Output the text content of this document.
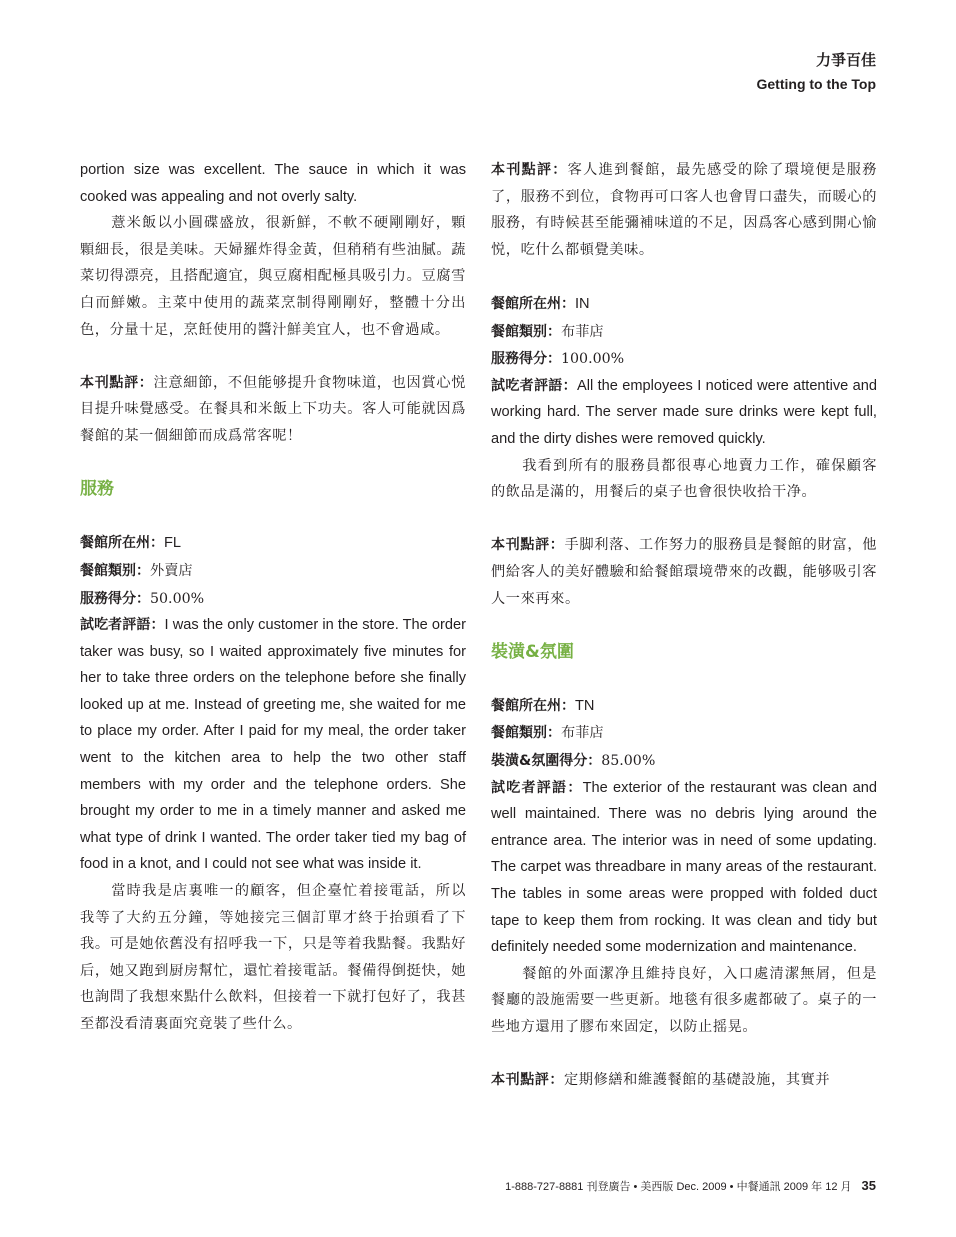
力爭百佳
Getting to the Top

portion size was excellent. The sauce in which it was cooked was appealing and not overly salty.

薏米飯以小圓碟盛放，很新鮮，不軟不硬剛剛好，顆顆細長，很是美味。天婦羅炸得金黃，但稍稍有些油膩。蔬菜切得漂亮，且搭配適宜，與豆腐相配極具吸引力。豆腐雪白而鮮嫩。主菜中使用的蔬菜烹制得剛剛好，整體十分出色，分量十足，烹飪使用的醬汁鮮美宜人，也不會過咸。

本刊點評：注意細節，不但能够提升食物味道，也因賞心悦目提升味覺感受。在餐具和米飯上下功夫。客人可能就因爲餐館的某一個細節而成爲常客呢！

服務

餐館所在州：FL

餐館類别：外賣店

服務得分：50.00%

試吃者評語：I was the only customer in the store. The order taker was busy, so I waited approximately five minutes for her to take three orders on the telephone before she finally looked up at me. Instead of greeting me, she waited for me to place my order. After I paid for my meal, the order taker went to the kitchen area to help the two other staff members with my order and the telephone orders. She brought my order to me in a timely manner and asked me what type of drink I wanted. The order taker tied my bag of food in a knot, and I could not see what was inside it.

當時我是店裏唯一的顧客，但企臺忙着接電話，所以我等了大約五分鐘，等她接完三個訂單才終于抬頭看了下我。可是她依舊没有招呼我一下，只是等着我點餐。我點好后，她又跑到厨房幫忙，還忙着接電話。餐備得倒挺快，她也詢問了我想來點什么飲料，但接着一下就打包好了，我甚至都没看清裏面究竟裝了些什么。

本刊點評：客人進到餐館，最先感受的除了環境便是服務了，服務不到位，食物再可口客人也會胃口盡失，而暖心的服務，有時候甚至能彌補味道的不足，因爲客心感到開心愉悦，吃什么都頓覺美味。

餐館所在州：IN

餐館類别：布菲店

服務得分：100.00%

試吃者評語：All the employees I noticed were attentive and working hard. The server made sure drinks were kept full, and the dirty dishes were removed quickly.

我看到所有的服務員都很專心地賣力工作，確保顧客的飲品是滿的，用餐后的桌子也會很快收拾干净。

本刊點評：手脚利落、工作努力的服務員是餐館的財富，他們給客人的美好體驗和給餐館環境帶來的改觀，能够吸引客人一來再來。

裝潢&氛圍

餐館所在州：TN

餐館類别：布菲店

裝潢&氛圍得分：85.00%

試吃者評語：The exterior of the restaurant was clean and well maintained. There was no debris lying around the entrance area. The interior was in need of some updating. The carpet was threadbare in many areas of the restaurant. The tables in some areas were propped with folded duct tape to keep them from rocking. It was clean and tidy but definitely needed some modernization and maintenance.

餐館的外面潔净且維持良好，入口處清潔無屑，但是餐廳的設施需要一些更新。地毯有很多處都破了。桌子的一些地方還用了膠布來固定，以防止摇晃。

本刊點評：定期修繕和維護餐館的基礎設施，其實并

1-888-727-8881 刊登廣告 • 美西版 Dec. 2009 • 中餐通訊 2009 年 12 月 35
